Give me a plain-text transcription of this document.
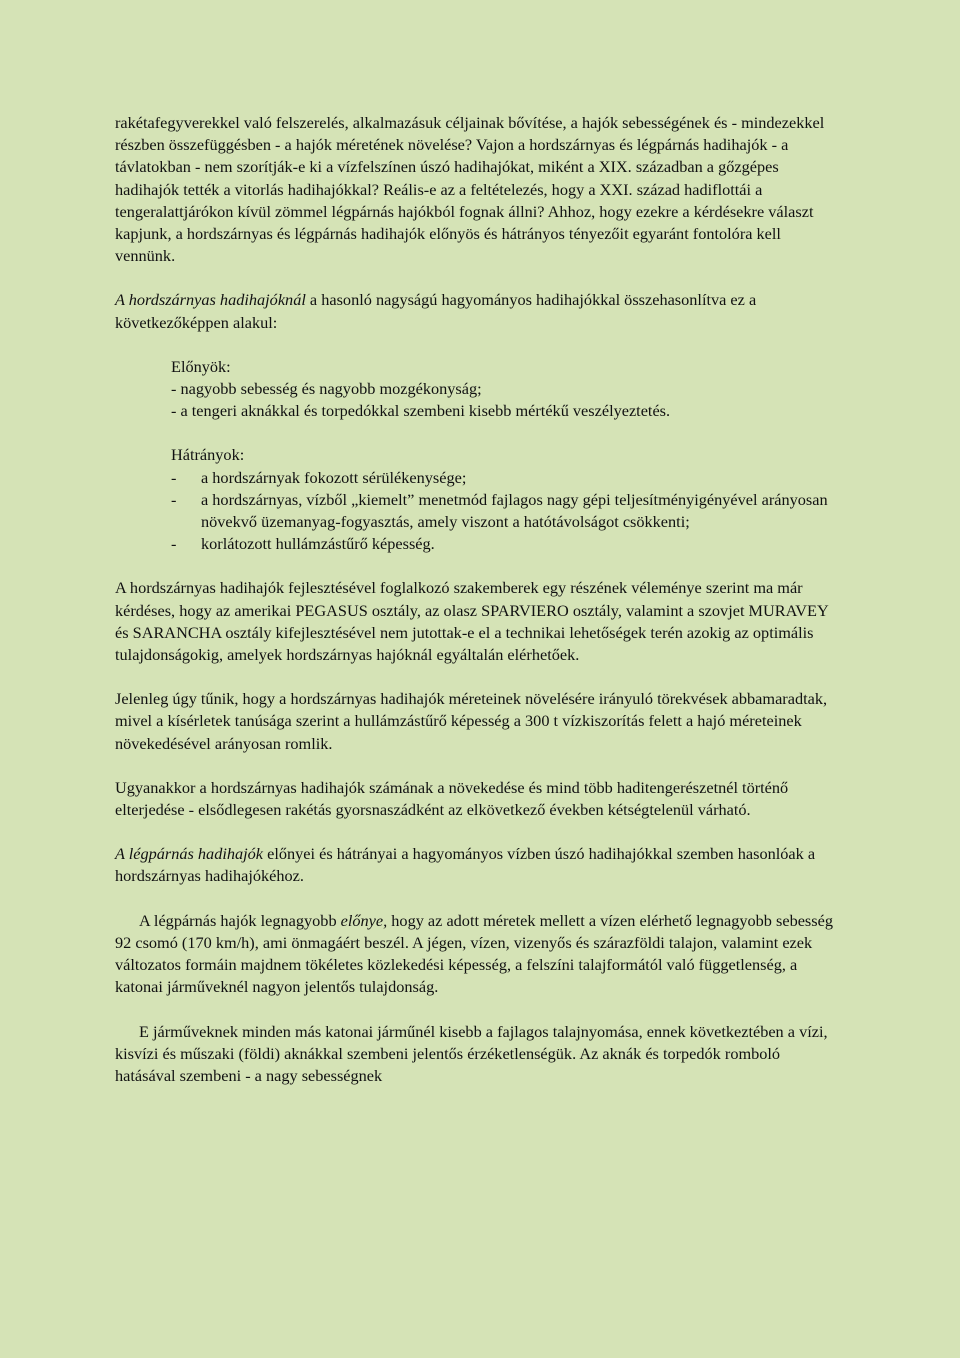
rakétafegyverekkel való felszerelés, alkalmazásuk céljainak bővítése, a hajók sebességének és - mindezekkel részben összefüggésben - a hajók méretének növelése? Vajon a hordszárnyas és légpárnás hadihajók - a távlatokban - nem szorítják-e ki a vízfelszínen úszó hadihajókat, miként a XIX. században a gőzgépes hadihajók tették a vitorlás hadihajókkal? Reális-e az a feltételezés, hogy a XXI. század hadiflottái a tengeralattjárókon kívül zömmel légpárnás hajókból fognak állni? Ahhoz, hogy ezekre a kérdésekre választ kapjunk, a hordszárnyas és légpárnás hadihajók előnyös és hátrányos tényezőit egyaránt fontolóra kell vennünk.

A hordszárnyas hadihajóknál a hasonló nagyságú hagyományos hadihajókkal összehasonlítva ez a következőképpen alakul:

Előnyök:
- nagyobb sebesség és nagyobb mozgékonyság;
- a tengeri aknákkal és torpedókkal szembeni kisebb mértékű veszélyeztetés.
Hátrányok:
-	a hordszárnyak fokozott sérülékenysége;
-	a hordszárnyas, vízből „kiemelt” menetmód fajlagos nagy gépi teljesítményigényével arányosan növekvő üzemanyag-fogyasztás, amely viszont a hatótávolságot csökkenti;
-	korlátozott hullámzástűrő képesség.

A hordszárnyas hadihajók fejlesztésével foglalkozó szakemberek egy részének véleménye szerint ma már kérdéses, hogy az amerikai PEGASUS osztály, az olasz SPARVIERO osztály, valamint a szovjet MURAVEY és SARANCHA osztály kifejlesztésével nem jutottak-e el a technikai lehetőségek terén azokig az optimális tulajdonságokig, amelyek hordszárnyas hajóknál egyáltalán elérhetőek.

Jelenleg úgy tűnik, hogy a hordszárnyas hadihajók méreteinek növelésére irányuló törekvések abbamaradtak, mivel a kísérletek tanúsága szerint a hullámzástűrő képesség a 300 t vízkiszorítás felett a hajó méreteinek növekedésével arányosan romlik.

Ugyanakkor a hordszárnyas hadihajók számának a növekedése és mind több haditengerészetnél történő elterjedése - elsődlegesen rakétás gyorsnaszádként az elkövetkező években kétségtelenül várható.

A légpárnás hadihajók előnyei és hátrányai a hagyományos vízben úszó hadihajókkal szemben hasonlóak a hordszárnyas hadihajókéhoz.

A légpárnás hajók legnagyobb előnye, hogy az adott méretek mellett a vízen elérhető legnagyobb sebesség 92 csomó (170 km/h), ami önmagáért beszél. A jégen, vízen, vizenyős és szárazföldi talajon, valamint ezek változatos formáin majdnem tökéletes közlekedési képesség, a felszíni talajformától való függetlenség, a katonai járműveknél nagyon jelentős tulajdonság.

E járműveknek minden más katonai járműnél kisebb a fajlagos talajnyomása, ennek következtében a vízi, kisvízi és műszaki (földi) aknákkal szembeni jelentős érzéketlenségük. Az aknák és torpedók romboló hatásával szembeni - a nagy sebességnek
